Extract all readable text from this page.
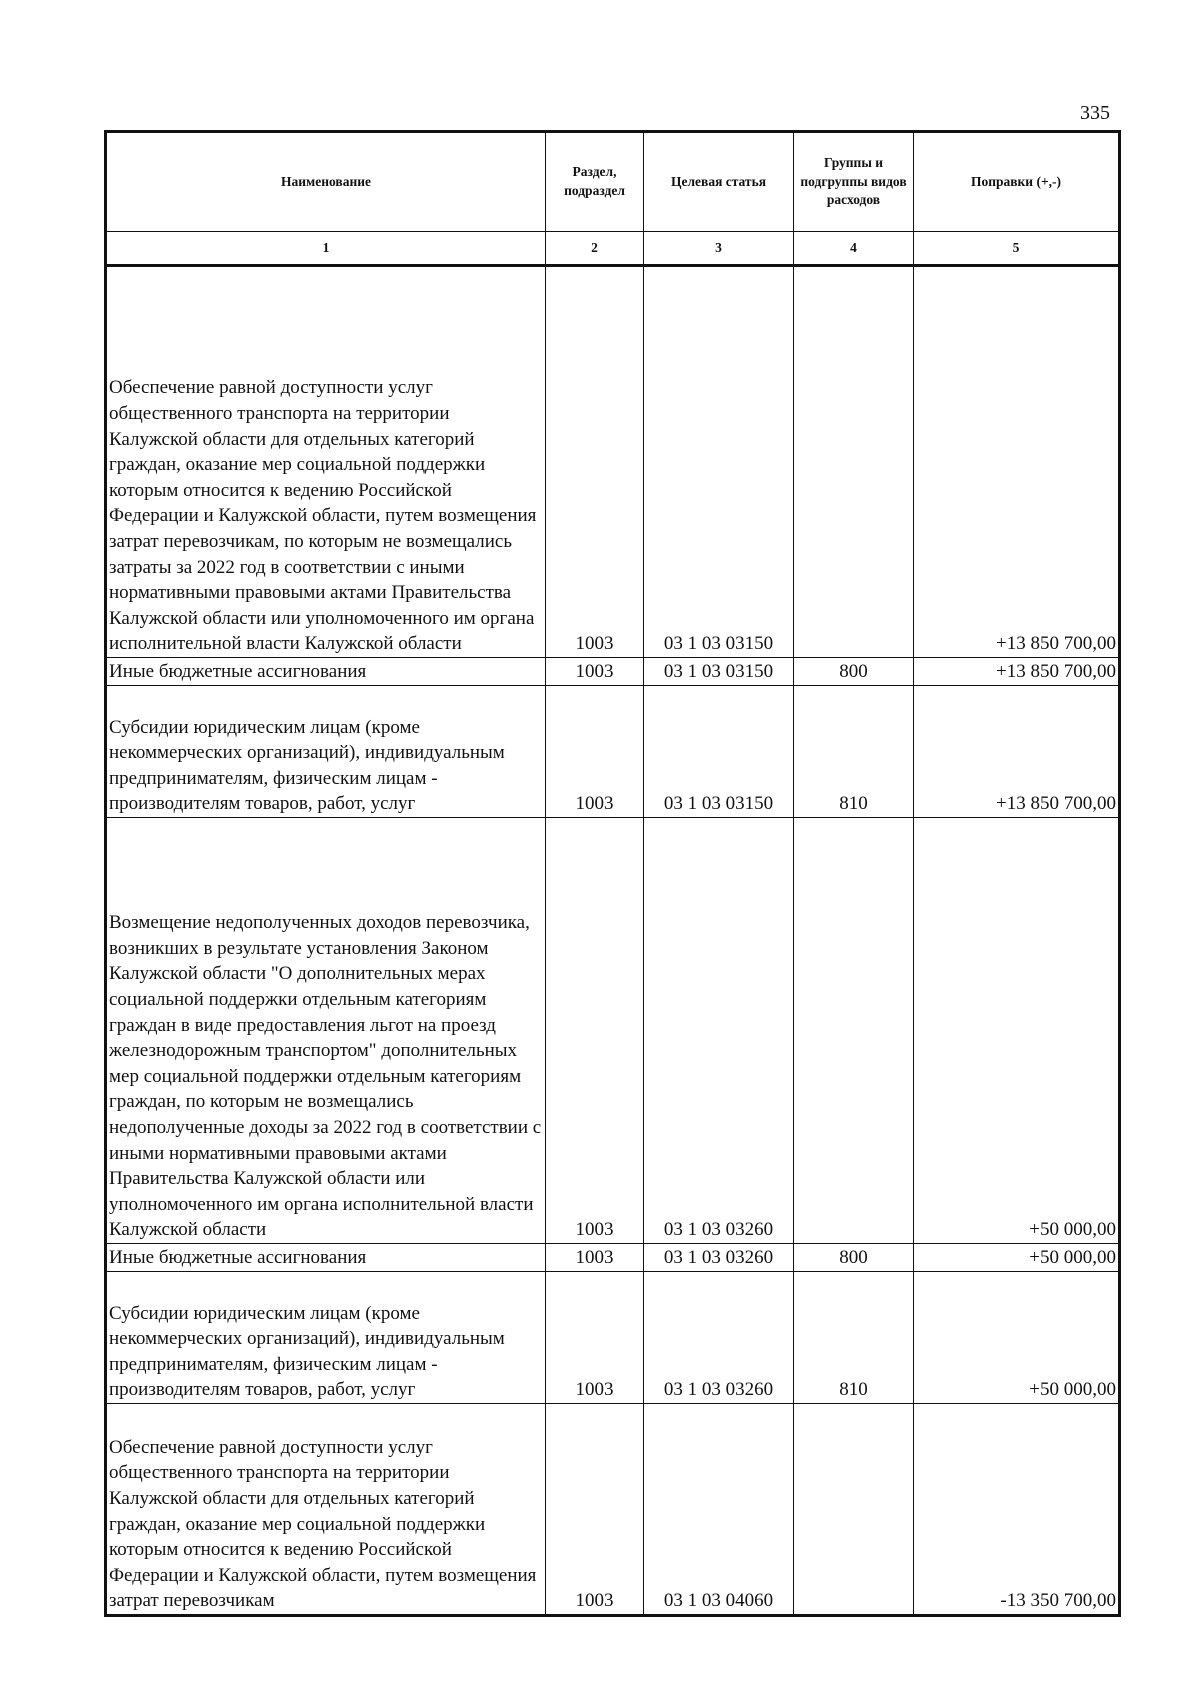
335
Наименование	Раздел, подраздел	Целевая статья	Группы и подгруппы видов расходов	Поправки (+,-)
1	2	3	4	5
Обеспечение равной доступности услуг общественного транспорта на территории Калужской области для отдельных категорий граждан, оказание мер социальной поддержки которым относится к ведению Российской Федерации и Калужской области, путем возмещения затрат перевозчикам, по которым не возмещались затраты за 2022 год в соответствии с иными нормативными правовыми актами Правительства Калужской области или уполномоченного им органа исполнительной власти Калужской области	1003	03 1 03 03150		+13 850 700,00
Иные бюджетные ассигнования	1003	03 1 03 03150	800	+13 850 700,00
Субсидии юридическим лицам (кроме некоммерческих организаций), индивидуальным предпринимателям, физическим лицам - производителям товаров, работ, услуг	1003	03 1 03 03150	810	+13 850 700,00
Возмещение недополученных доходов перевозчика, возникших в результате установления Законом Калужской области "О дополнительных мерах социальной поддержки отдельным категориям граждан в виде предоставления льгот на проезд железнодорожным транспортом" дополнительных мер социальной поддержки отдельным категориям граждан, по которым не возмещались недополученные доходы за 2022 год в соответствии с иными нормативными правовыми актами Правительства Калужской области или уполномоченного им органа исполнительной власти Калужской области	1003	03 1 03 03260		+50 000,00
Иные бюджетные ассигнования	1003	03 1 03 03260	800	+50 000,00
Субсидии юридическим лицам (кроме некоммерческих организаций), индивидуальным предпринимателям, физическим лицам - производителям товаров, работ, услуг	1003	03 1 03 03260	810	+50 000,00
Обеспечение равной доступности услуг общественного транспорта на территории Калужской области для отдельных категорий граждан, оказание мер социальной поддержки которым относится к ведению Российской Федерации и Калужской области, путем возмещения затрат перевозчикам	1003	03 1 03 04060		-13 350 700,00
